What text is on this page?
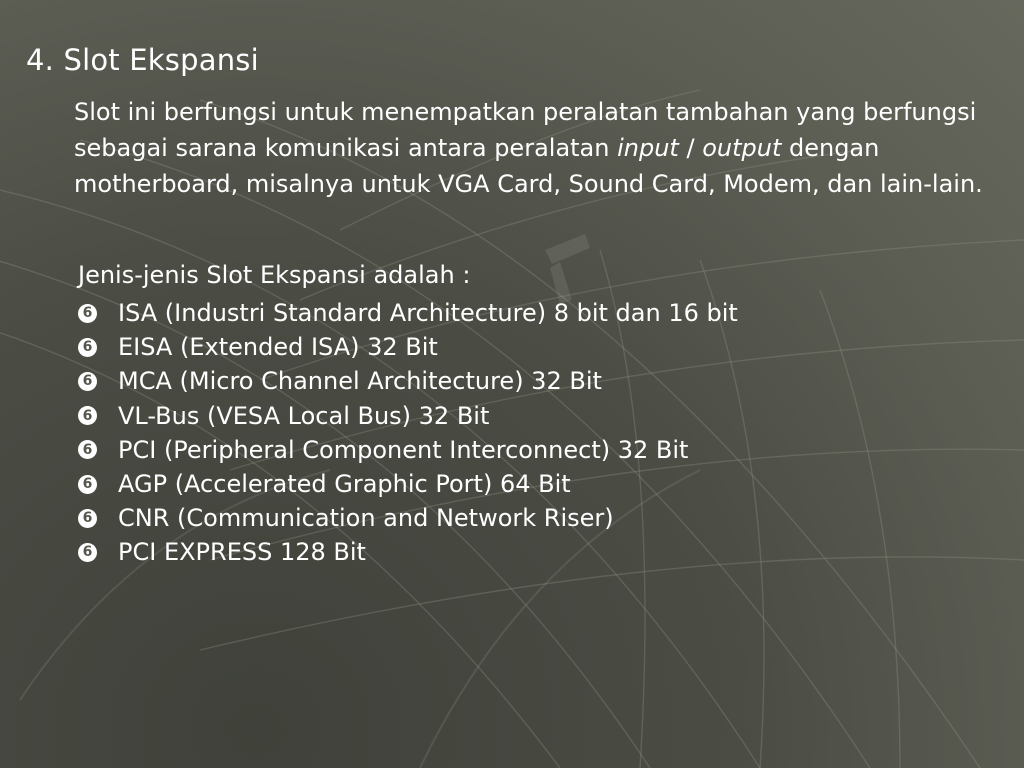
4. Slot Ekspansi
Slot ini berfungsi untuk menempatkan peralatan tambahan yang berfungsi sebagai sarana komunikasi antara peralatan input / output dengan motherboard, misalnya untuk VGA Card, Sound Card, Modem, dan lain-lain.
Jenis-jenis Slot Ekspansi adalah :
6 ISA (Industri Standard Architecture) 8 bit dan 16 bit
6 EISA (Extended ISA) 32 Bit
6 MCA (Micro Channel Architecture) 32 Bit
6 VL-Bus (VESA Local Bus) 32 Bit
6 PCI (Peripheral Component Interconnect) 32 Bit
6 AGP (Accelerated Graphic Port) 64 Bit
6 CNR (Communication and Network Riser)
6 PCI EXPRESS 128 Bit
